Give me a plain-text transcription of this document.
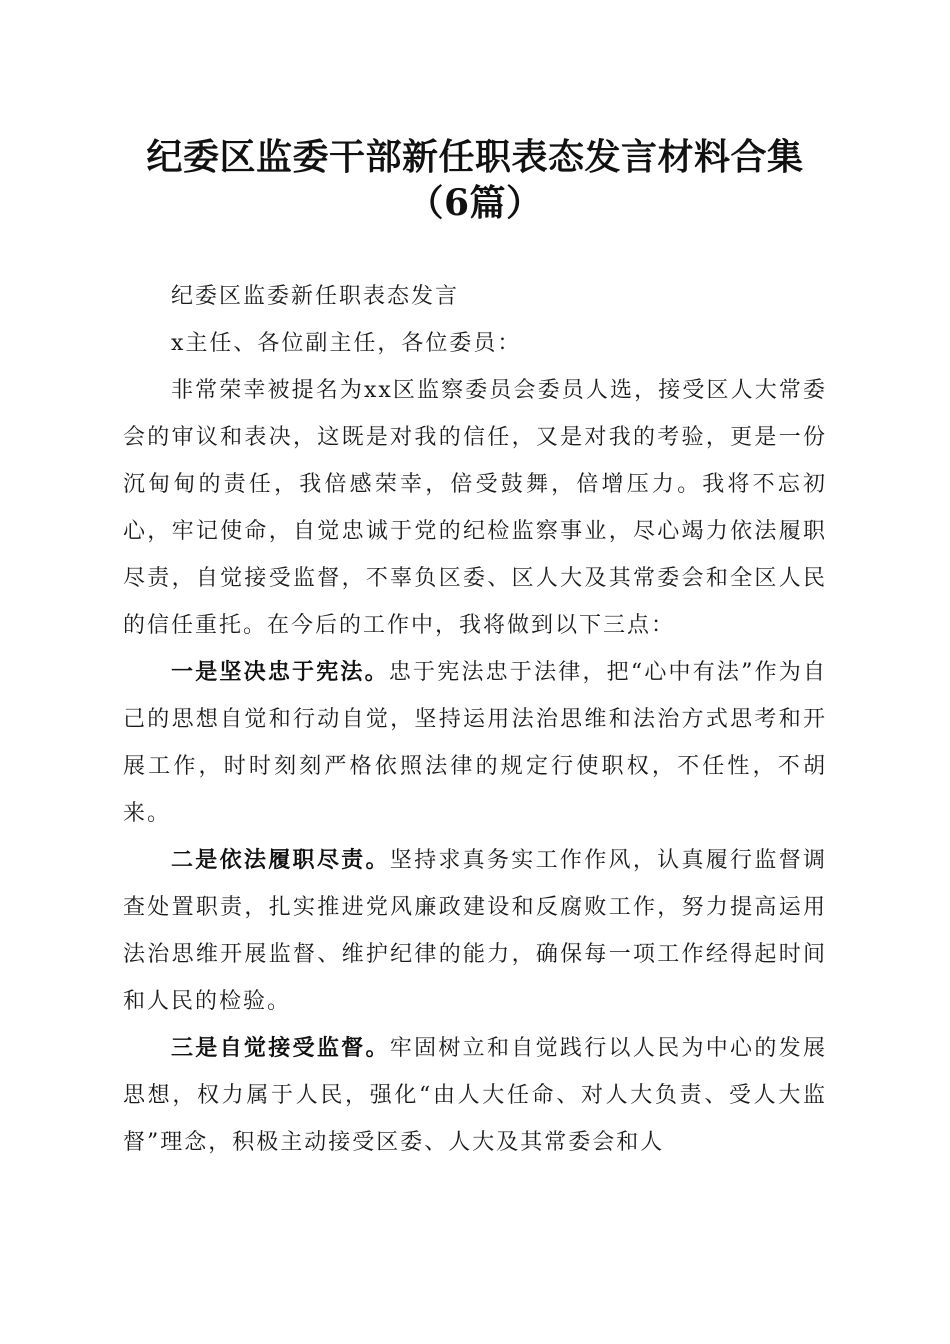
纪委区监委干部新任职表态发言材料合集（6篇）

纪委区监委新任职表态发言

x主任、各位副主任，各位委员：

非常荣幸被提名为xx区监察委员会委员人选，接受区人大常委会的审议和表决，这既是对我的信任，又是对我的考验，更是一份沉甸甸的责任，我倍感荣幸，倍受鼓舞，倍增压力。我将不忘初心，牢记使命，自觉忠诚于党的纪检监察事业，尽心竭力依法履职尽责，自觉接受监督，不辜负区委、区人大及其常委会和全区人民的信任重托。在今后的工作中，我将做到以下三点：

一是坚决忠于宪法。忠于宪法忠于法律，把“心中有法”作为自己的思想自觉和行动自觉，坚持运用法治思维和法治方式思考和开展工作，时时刻刻严格依照法律的规定行使职权，不任性，不胡来。

二是依法履职尽责。坚持求真务实工作作风，认真履行监督调查处置职责，扎实推进党风廉政建设和反腐败工作，努力提高运用法治思维开展监督、维护纪律的能力，确保每一项工作经得起时间和人民的检验。

三是自觉接受监督。牢固树立和自觉践行以人民为中心的发展思想，权力属于人民，强化“由人大任命、对人大负责、受人大监督”理念，积极主动接受区委、人大及其常委会和人
